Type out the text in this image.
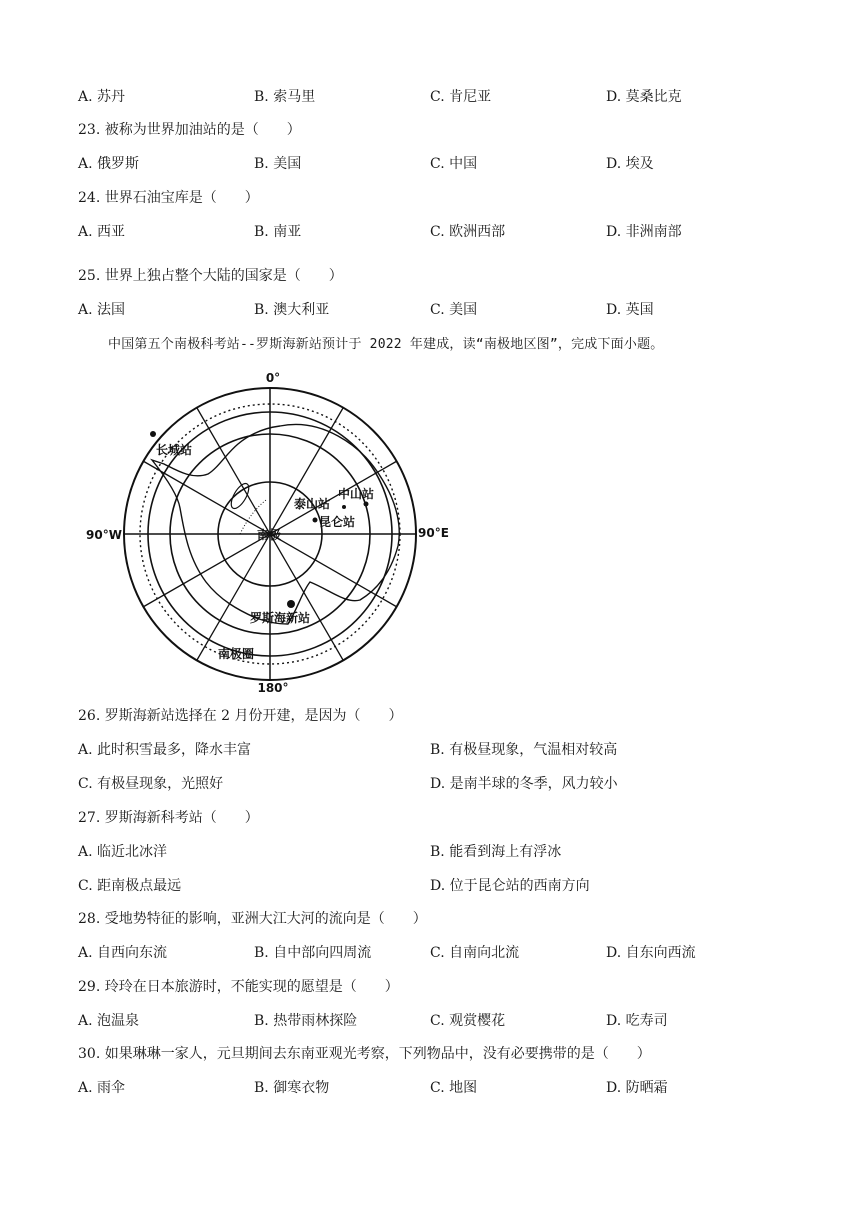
A. 苏丹	B. 索马里	C. 肯尼亚	D. 莫桑比克
23. 被称为世界加油站的是（　　）
A. 俄罗斯	B. 美国	C. 中国	D. 埃及
24. 世界石油宝库是（　　）
A. 西亚	B. 南亚	C. 欧洲西部	D. 非洲南部
25. 世界上独占整个大陆的国家是（　　）
A. 法国	B. 澳大利亚	C. 美国	D. 英国
中国第五个南极科考站--罗斯海新站预计于 2022 年建成，读“南极地区图”，完成下面小题。
0°
180°
90°W	90°E
南极
南极圈
长城站
泰山站
中山站
昆仑站
罗斯海新站
26. 罗斯海新站选择在 2 月份开建，是因为（　　）
A. 此时积雪最多，降水丰富	B. 有极昼现象，气温相对较高
C. 有极昼现象，光照好	D. 是南半球的冬季，风力较小
27. 罗斯海新科考站（　　）
A. 临近北冰洋	B. 能看到海上有浮冰
C. 距南极点最远	D. 位于昆仑站的西南方向
28. 受地势特征的影响，亚洲大江大河的流向是（　　）
A. 自西向东流	B. 自中部向四周流	C. 自南向北流	D. 自东向西流
29. 玲玲在日本旅游时，不能实现的愿望是（　　）
A. 泡温泉	B. 热带雨林探险	C. 观赏樱花	D. 吃寿司
30. 如果琳琳一家人，元旦期间去东南亚观光考察，下列物品中，没有必要携带的是（　　）
A. 雨伞	B. 御寒衣物	C. 地图	D. 防晒霜
